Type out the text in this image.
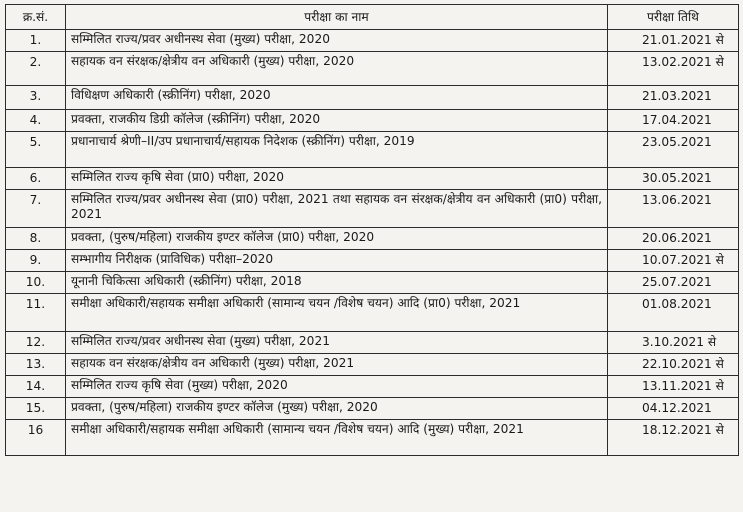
क्र.सं.	परीक्षा का नाम	परीक्षा तिथि
1.	सम्मिलित राज्य/प्रवर अधीनस्थ सेवा (मुख्य) परीक्षा, 2020	21.01.2021 से
2.	सहायक वन संरक्षक/क्षेत्रीय वन अधिकारी (मुख्य) परीक्षा, 2020	13.02.2021 से
3.	विधिक्षण अधिकारी (स्क्रीनिंग) परीक्षा, 2020	21.03.2021
4.	प्रवक्ता, राजकीय डिग्री कॉलेज (स्क्रीनिंग) परीक्षा, 2020	17.04.2021
5.	प्रधानाचार्य श्रेणी–II/उप प्रधानाचार्य/सहायक निदेशक (स्क्रीनिंग) परीक्षा, 2019	23.05.2021
6.	सम्मिलित राज्य कृषि सेवा (प्रा0) परीक्षा, 2020	30.05.2021
7.	सम्मिलित राज्य/प्रवर अधीनस्थ सेवा (प्रा0) परीक्षा, 2021 तथा सहायक वन संरक्षक/क्षेत्रीय वन अधिकारी (प्रा0) परीक्षा, 2021	13.06.2021
8.	प्रवक्ता, (पुरुष/महिला) राजकीय इण्टर कॉलेज (प्रा0) परीक्षा, 2020	20.06.2021
9.	सम्भागीय निरीक्षक (प्राविधिक) परीक्षा–2020	10.07.2021 से
10.	यूनानी चिकित्सा अधिकारी (स्क्रीनिंग) परीक्षा, 2018	25.07.2021
11.	समीक्षा अधिकारी/सहायक समीक्षा अधिकारी (सामान्य चयन /विशेष चयन) आदि (प्रा0) परीक्षा, 2021	01.08.2021
12.	सम्मिलित राज्य/प्रवर अधीनस्थ सेवा (मुख्य) परीक्षा, 2021	3.10.2021 से
13.	सहायक वन संरक्षक/क्षेत्रीय वन अधिकारी (मुख्य) परीक्षा, 2021	22.10.2021 से
14.	सम्मिलित राज्य कृषि सेवा (मुख्य) परीक्षा, 2020	13.11.2021 से
15.	प्रवक्ता, (पुरुष/महिला) राजकीय इण्टर कॉलेज (मुख्य) परीक्षा, 2020	04.12.2021
16	समीक्षा अधिकारी/सहायक समीक्षा अधिकारी (सामान्य चयन /विशेष चयन) आदि (मुख्य) परीक्षा, 2021	18.12.2021 से
